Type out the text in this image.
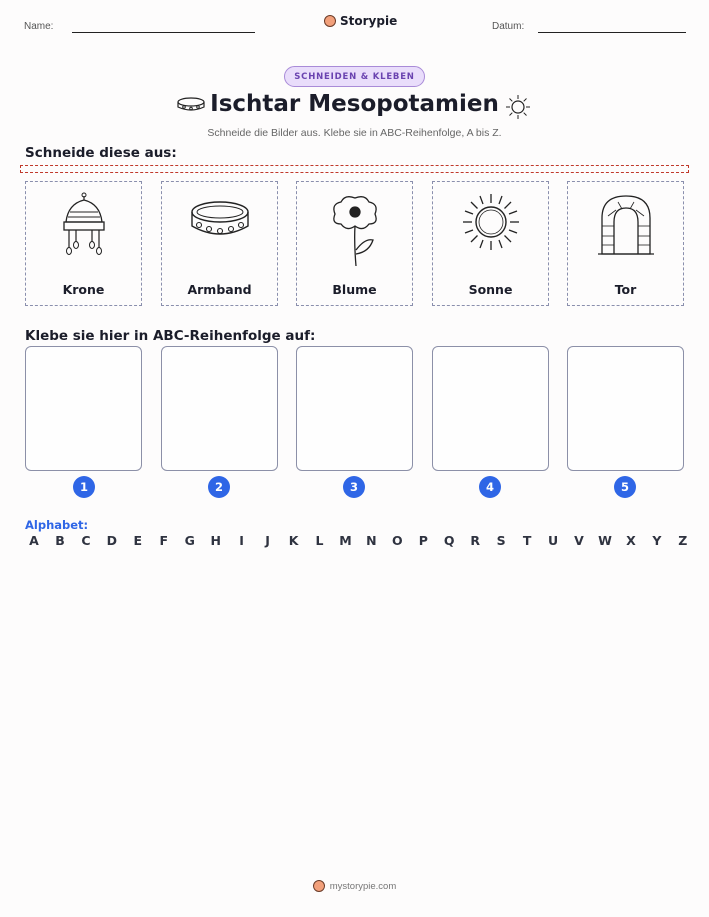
Name:	Storypie	Datum:
SCHNEIDEN & KLEBEN
Ischtar Mesopotamien
Schneide die Bilder aus. Klebe sie in ABC-Reihenfolge, A bis Z.
Schneide diese aus:
Krone	Armband	Blume	Sonne	Tor
Klebe sie hier in ABC-Reihenfolge auf:
1	2	3	4	5
Alphabet:
A B C D E F G H	I	J	K L M N O P Q R S T U V W X Y Z
mystorypie.com
